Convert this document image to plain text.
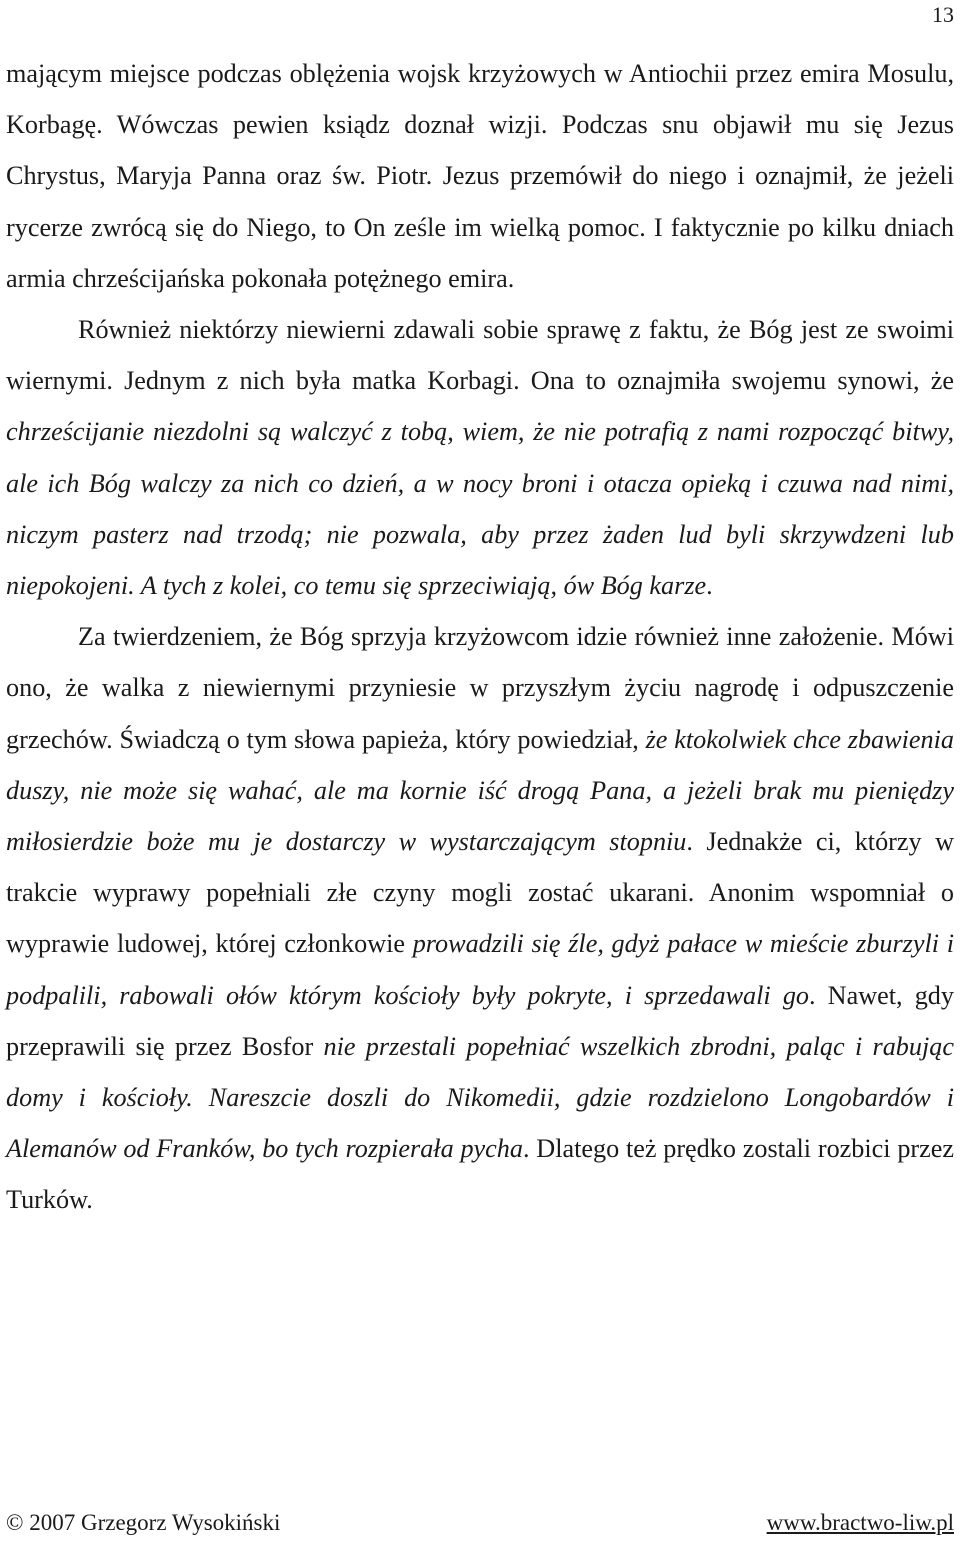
13

mającym miejsce podczas oblężenia wojsk krzyżowych w Antiochii przez emira Mosulu, Korbagę. Wówczas pewien ksiądz doznał wizji. Podczas snu objawił mu się Jezus Chrystus, Maryja Panna oraz św. Piotr. Jezus przemówił do niego i oznajmił, że jeżeli rycerze zwrócą się do Niego, to On ześle im wielką pomoc. I faktycznie po kilku dniach armia chrześcijańska pokonała potężnego emira.

Również niektórzy niewierni zdawali sobie sprawę z faktu, że Bóg jest ze swoimi wiernymi. Jednym z nich była matka Korbagi. Ona to oznajmiła swojemu synowi, że chrześcijanie niezdolni są walczyć z tobą, wiem, że nie potrafią z nami rozpocząć bitwy, ale ich Bóg walczy za nich co dzień, a w nocy broni i otacza opieką i czuwa nad nimi, niczym pasterz nad trzodą; nie pozwala, aby przez żaden lud byli skrzywdzeni lub niepokojeni. A tych z kolei, co temu się sprzeciwiają, ów Bóg karze.

Za twierdzeniem, że Bóg sprzyja krzyżowcom idzie również inne założenie. Mówi ono, że walka z niewiernymi przyniesie w przyszłym życiu nagrodę i odpuszczenie grzechów. Świadczą o tym słowa papieża, który powiedział, że ktokolwiek chce zbawienia duszy, nie może się wahać, ale ma kornie iść drogą Pana, a jeżeli brak mu pieniędzy miłosierdzie boże mu je dostarczy w wystarczającym stopniu. Jednakże ci, którzy w trakcie wyprawy popełniali złe czyny mogli zostać ukarani. Anonim wspomniał o wyprawie ludowej, której członkowie prowadzili się źle, gdyż pałace w mieście zburzyli i podpalili, rabowali ołów którym kościoły były pokryte, i sprzedawali go. Nawet, gdy przeprawili się przez Bosfor nie przestali popełniać wszelkich zbrodni, paląc i rabując domy i kościoły. Nareszcie doszli do Nikomedii, gdzie rozdzielono Longobardów i Alemanów od Franków, bo tych rozpierała pycha. Dlatego też prędko zostali rozbici przez Turków.

© 2007 Grzegorz Wysokiński	www.bractwo-liw.pl
